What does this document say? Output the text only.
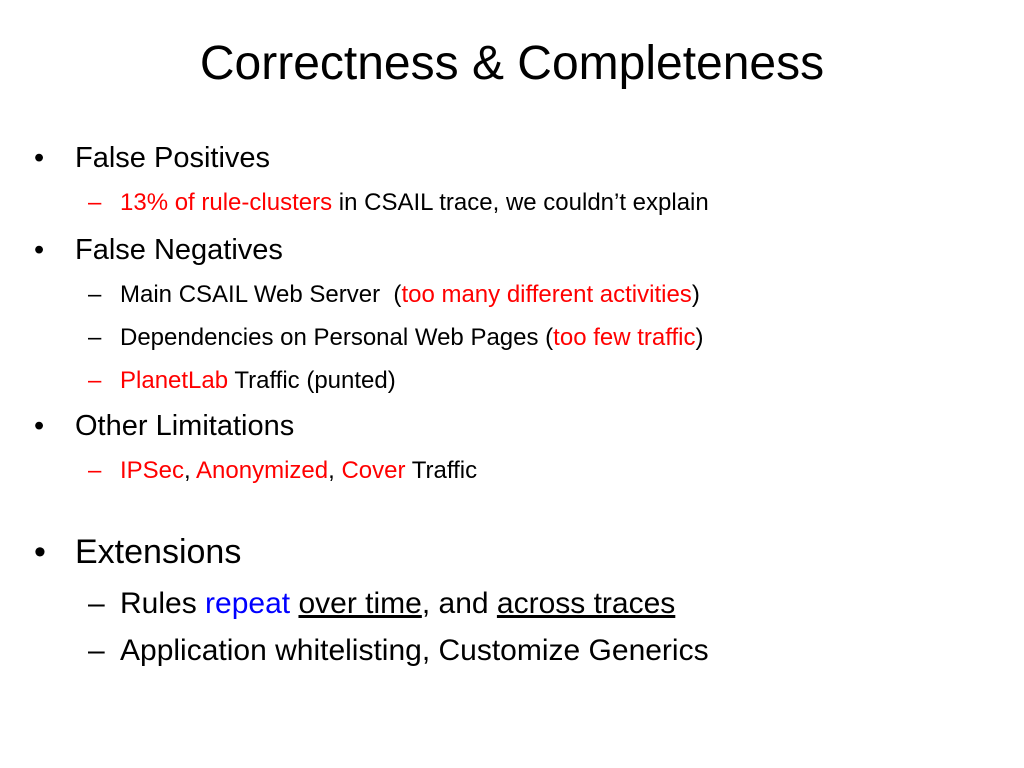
Correctness & Completeness
• False Positives
– 13% of rule-clusters in CSAIL trace, we couldn’t explain
• False Negatives
– Main CSAIL Web Server  (too many different activities)
– Dependencies on Personal Web Pages (too few traffic)
– PlanetLab Traffic (punted)
• Other Limitations
– IPSec, Anonymized, Cover Traffic
• Extensions
– Rules repeat over time, and across traces
– Application whitelisting, Customize Generics
